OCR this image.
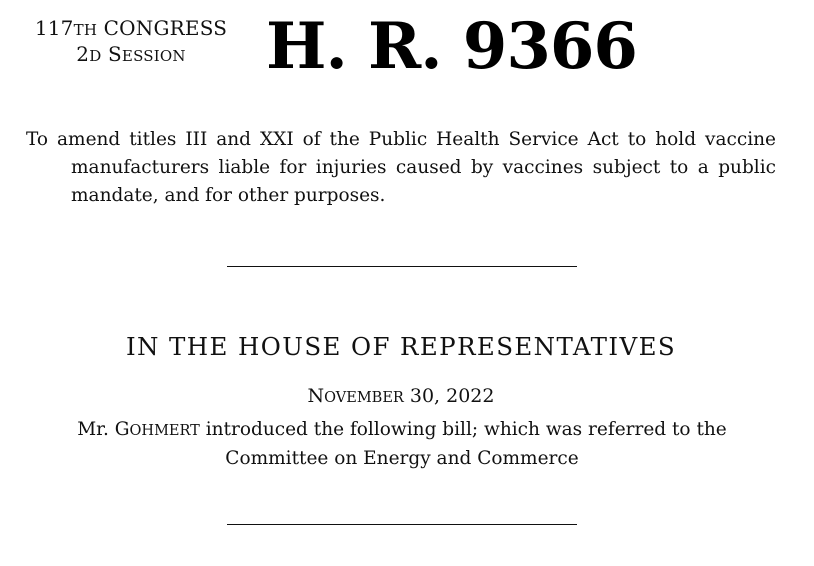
117TH CONGRESS
2D SESSION	H. R. 9366
To amend titles III and XXI of the Public Health Service Act to hold vaccine manufacturers liable for injuries caused by vaccines subject to a public mandate, and for other purposes.
IN THE HOUSE OF REPRESENTATIVES
NOVEMBER 30, 2022
Mr. GOHMERT introduced the following bill; which was referred to the Committee on Energy and Commerce
